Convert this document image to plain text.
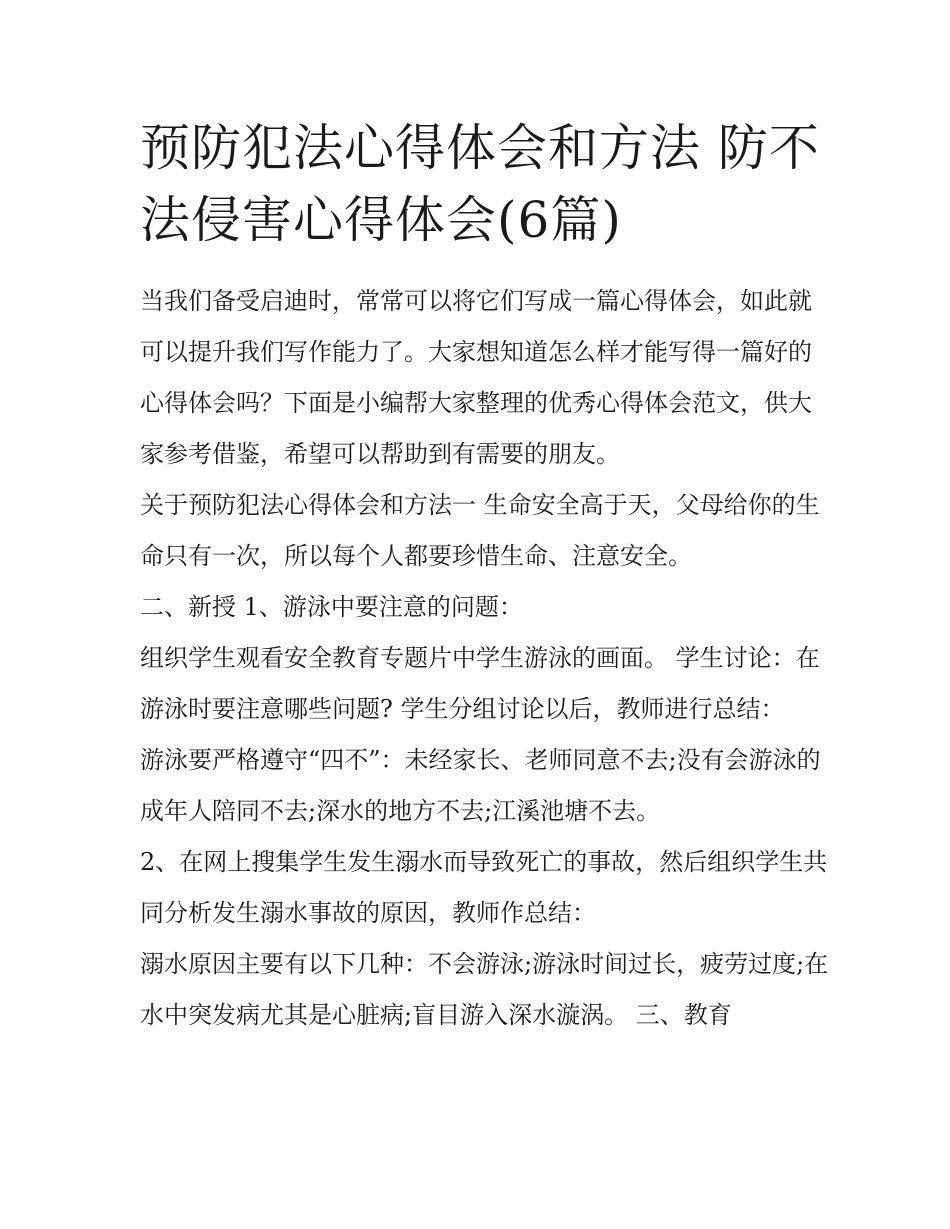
预防犯法心得体会和方法 防不法侵害心得体会(6篇)

当我们备受启迪时，常常可以将它们写成一篇心得体会，如此就可以提升我们写作能力了。大家想知道怎么样才能写得一篇好的心得体会吗？下面是小编帮大家整理的优秀心得体会范文，供大家参考借鉴，希望可以帮助到有需要的朋友。

关于预防犯法心得体会和方法一 生命安全高于天，父母给你的生命只有一次，所以每个人都要珍惜生命、注意安全。

二、新授 1、游泳中要注意的问题：

组织学生观看安全教育专题片中学生游泳的画面。 学生讨论：在游泳时要注意哪些问题? 学生分组讨论以后，教师进行总结：

游泳要严格遵守“四不”：未经家长、老师同意不去;没有会游泳的成年人陪同不去;深水的地方不去;江溪池塘不去。

2、在网上搜集学生发生溺水而导致死亡的事故，然后组织学生共同分析发生溺水事故的原因，教师作总结：

溺水原因主要有以下几种：不会游泳;游泳时间过长，疲劳过度;在水中突发病尤其是心脏病;盲目游入深水漩涡。 三、教育
